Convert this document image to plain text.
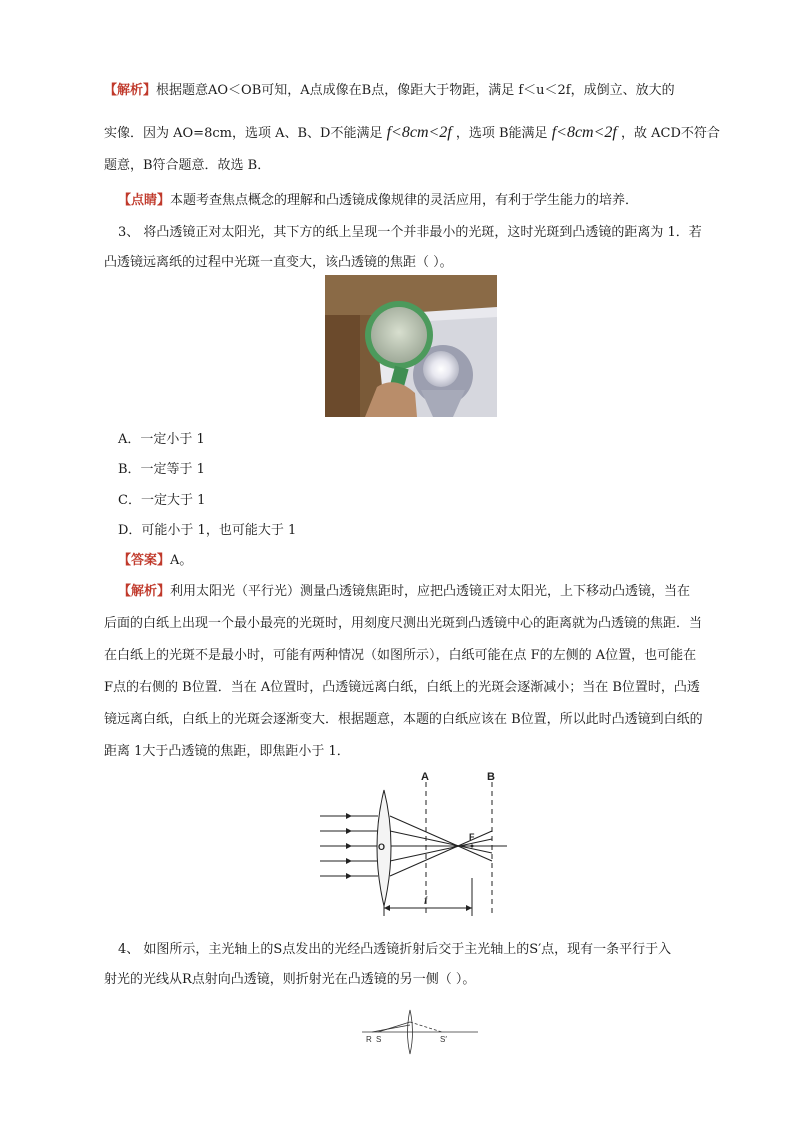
【解析】根据题意AO＜OB可知，A点成像在B点，像距大于物距，满足 f＜u＜2f，成倒立、放大的
实像．因为 AO=8cm，选项 A、B、D不能满足 f<8cm<2f ，选项 B能满足 f<8cm<2f ，故 ACD不符合
题意，B符合题意．故选 B．
【点睛】本题考查焦点概念的理解和凸透镜成像规律的灵活应用，有利于学生能力的培养．
3、 将凸透镜正对太阳光，其下方的纸上呈现一个并非最小的光斑，这时光斑到凸透镜的距离为 1．若
凸透镜远离纸的过程中光斑一直变大，该凸透镜的焦距（ ）。
A．一定小于 1
B．一定等于 1
C．一定大于 1
D．可能小于 1，也可能大于 1
【答案】A。
【解析】利用太阳光（平行光）测量凸透镜焦距时，应把凸透镜正对太阳光，上下移动凸透镜，当在
后面的白纸上出现一个最小最亮的光斑时，用刻度尺测出光斑到凸透镜中心的距离就为凸透镜的焦距．当
在白纸上的光斑不是最小时，可能有两种情况（如图所示），白纸可能在点 F的左侧的 A位置，也可能在
F点的右侧的 B位置．当在 A位置时，凸透镜远离白纸，白纸上的光斑会逐渐减小；当在 B位置时，凸透
镜远离白纸，白纸上的光斑会逐渐变大．根据题意，本题的白纸应该在 B位置，所以此时凸透镜到白纸的
距离 1大于凸透镜的焦距，即焦距小于 1．
A	B
O
F
f
4、 如图所示，主光轴上的S点发出的光经凸透镜折射后交于主光轴上的S′点，现有一条平行于入
射光的光线从R点射向凸透镜，则折射光在凸透镜的另一侧（ ）。
R S	S′
